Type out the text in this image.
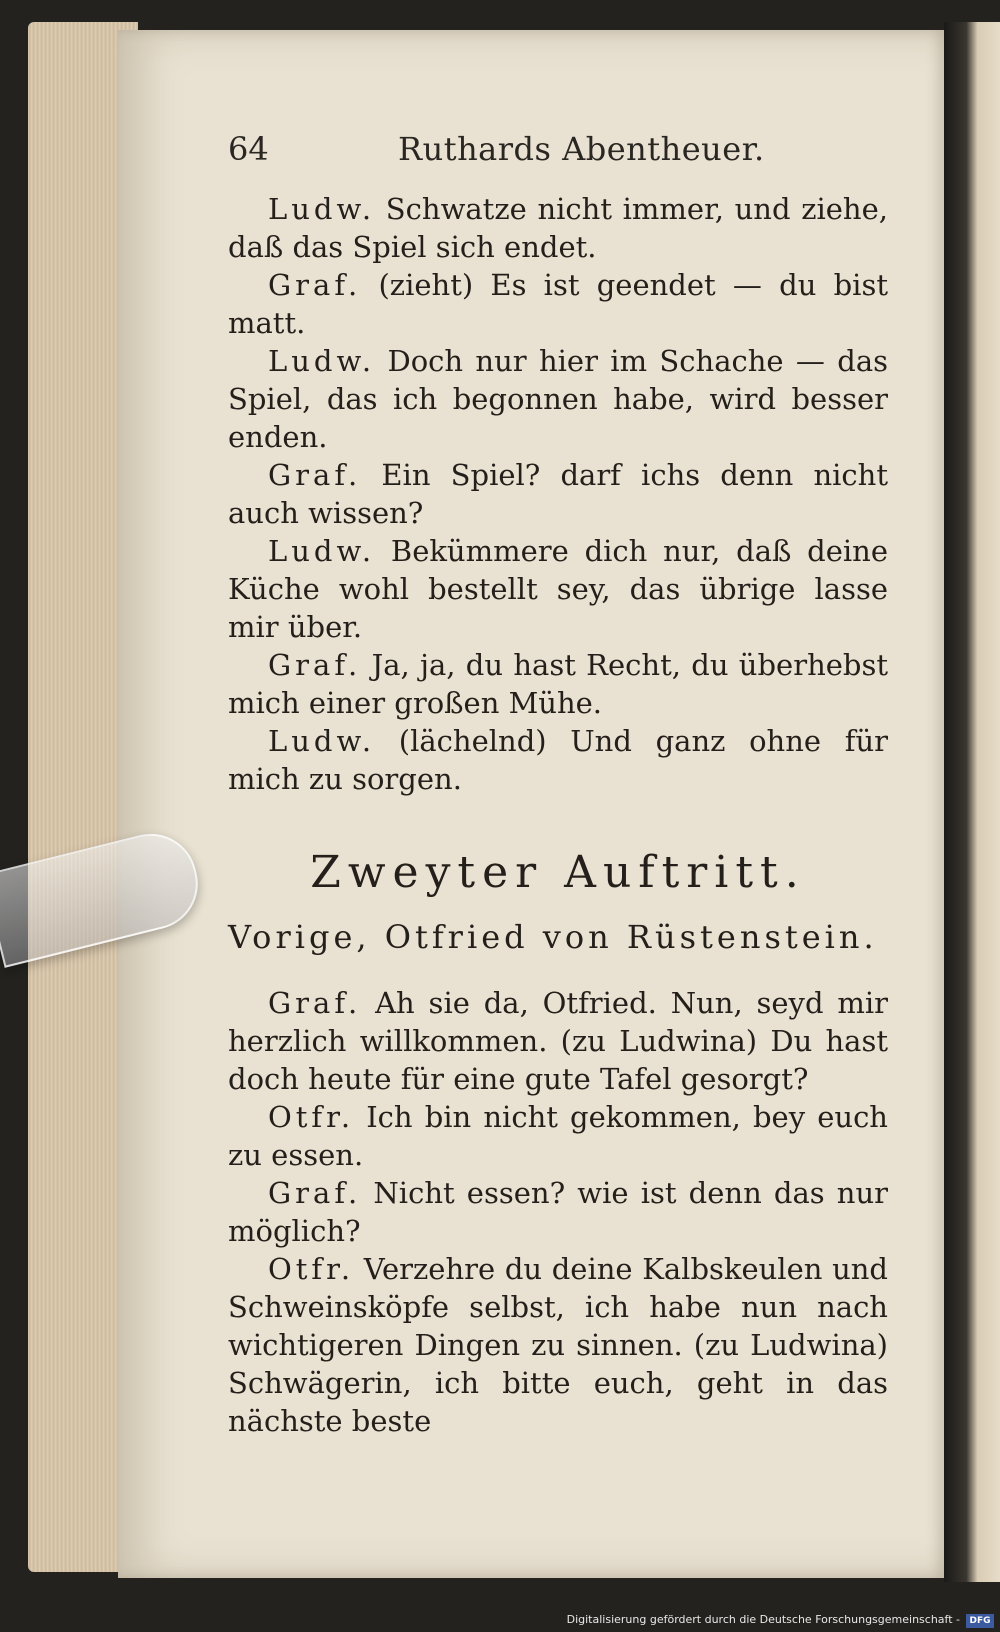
64	Ruthards Abentheuer.

Ludw. Schwatze nicht immer, und ziehe, daß das Spiel sich endet.

Graf. (zieht) Es ist geendet — du bist matt.

Ludw. Doch nur hier im Schache — das Spiel, das ich begonnen habe, wird besser enden.

Graf. Ein Spiel? darf ichs denn nicht auch wissen?

Ludw. Bekümmere dich nur, daß deine Küche wohl bestellt sey, das übrige lasse mir über.

Graf. Ja, ja, du hast Recht, du überhebst mich einer großen Mühe.

Ludw. (lächelnd) Und ganz ohne für mich zu sorgen.

Zweyter Auftritt.

Vorige, Otfried von Rüstenstein.

Graf. Ah sie da, Otfried. Nun, seyd mir herzlich willkommen. (zu Ludwina) Du hast doch heute für eine gute Tafel gesorgt?

Otfr. Ich bin nicht gekommen, bey euch zu essen.

Graf. Nicht essen? wie ist denn das nur möglich?

Otfr. Verzehre du deine Kalbskeulen und Schweinsköpfe selbst, ich habe nun nach wichtigeren Dingen zu sinnen. (zu Ludwina) Schwägerin, ich bitte euch, geht in das nächste beste

Digitalisierung gefördert durch die Deutsche Forschungsgemeinschaft -	DFG
